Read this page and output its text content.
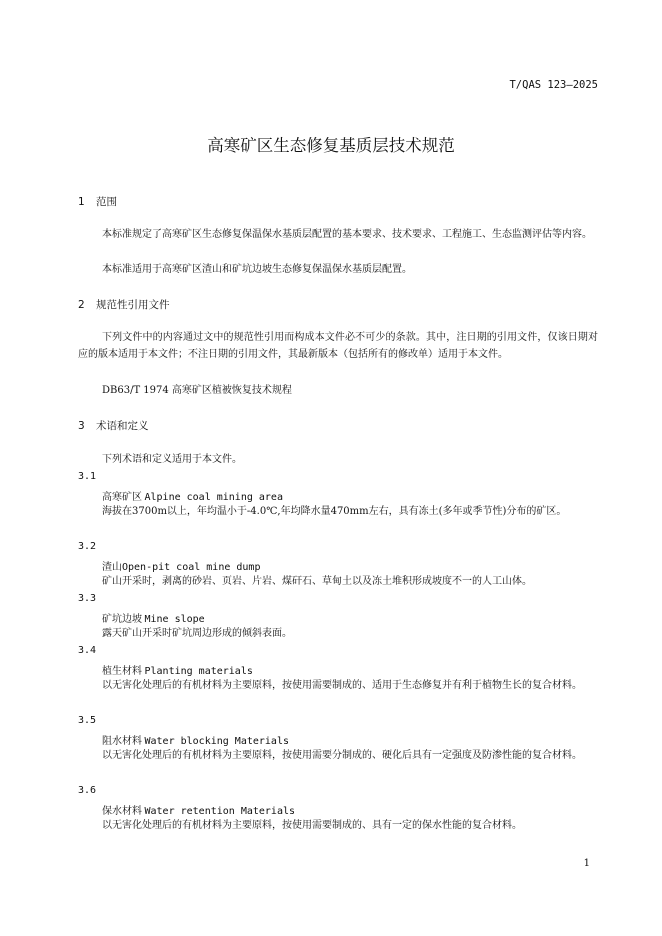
T/QAS 123—2025
高寒矿区生态修复基质层技术规范
1 范围

本标准规定了高寒矿区生态修复保温保水基质层配置的基本要求、技术要求、工程施工、生态监测评估等内容。

本标准适用于高寒矿区渣山和矿坑边坡生态修复保温保水基质层配置。

2 规范性引用文件

下列文件中的内容通过文中的规范性引用而构成本文件必不可少的条款。其中，注日期的引用文件，仅该日期对应的版本适用于本文件；不注日期的引用文件，其最新版本（包括所有的修改单）适用于本文件。

DB63/T 1974 高寒矿区植被恢复技术规程

3 术语和定义

下列术语和定义适用于本文件。

3.1
高寒矿区 Alpine coal mining area

海拔在3700m以上，年均温小于-4.0℃,年均降水量470mm左右，具有冻土(多年或季节性)分布的矿区。

3.2
渣山Open-pit coal mine dump

矿山开采时，剥离的砂岩、页岩、片岩、煤矸石、草甸土以及冻土堆积形成坡度不一的人工山体。

3.3
矿坑边坡 Mine slope

露天矿山开采时矿坑周边形成的倾斜表面。

3.4
植生材料 Planting materials

以无害化处理后的有机材料为主要原料，按使用需要制成的、适用于生态修复并有利于植物生长的复合材料。

3.5
阻水材料 Water blocking Materials

以无害化处理后的有机材料为主要原料，按使用需要分制成的、硬化后具有一定强度及防渗性能的复合材料。

3.6
保水材料 Water retention Materials

以无害化处理后的有机材料为主要原料，按使用需要制成的、具有一定的保水性能的复合材料。

1
